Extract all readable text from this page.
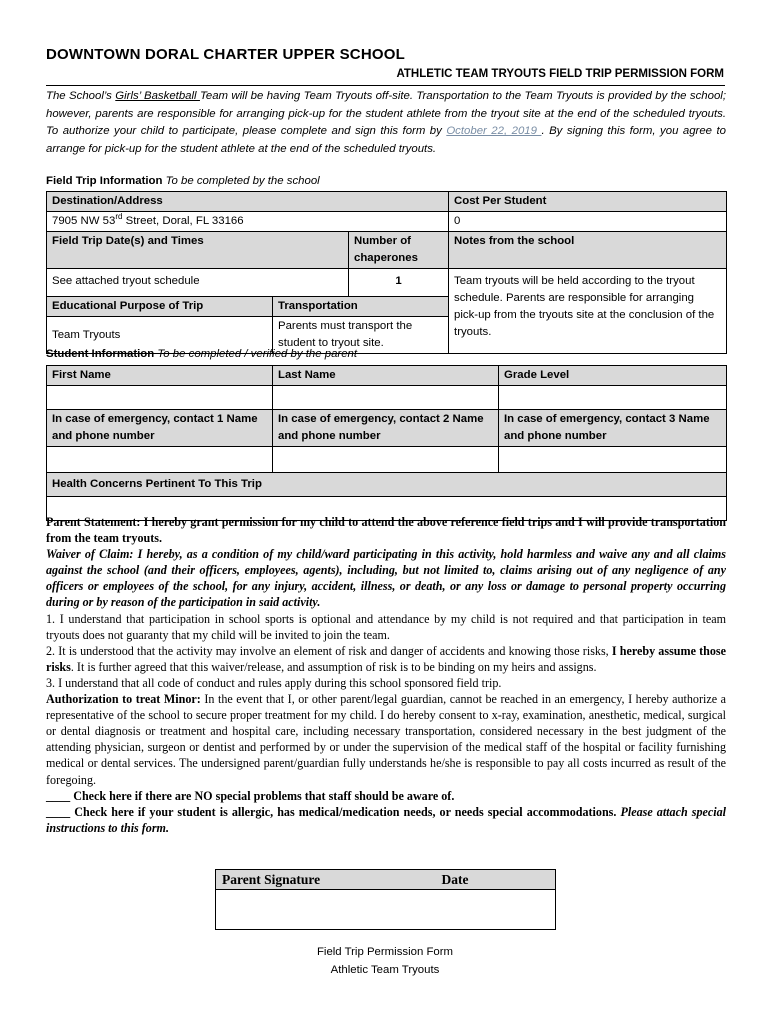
DOWNTOWN DORAL CHARTER UPPER SCHOOL
ATHLETIC TEAM TRYOUTS FIELD TRIP PERMISSION FORM
The School’s Girls’ Basketball Team will be having Team Tryouts off-site. Transportation to the Team Tryouts is provided by the school; however, parents are responsible for arranging pick-up for the student athlete from the tryout site at the end of the scheduled tryouts. To authorize your child to participate, please complete and sign this form by October 22, 2019 . By signing this form, you agree to arrange for pick-up for the student athlete at the end of the scheduled tryouts.
Field Trip Information To be completed by the school
Destination/Address			Cost Per Student
7905 NW 53rd Street, Doral, FL 33166			0
Field Trip Date(s) and Times		Number of chaperones	Notes from the school
See attached tryout schedule		1	Team tryouts will be held according to the tryout schedule. Parents are responsible for arranging pick-up from the tryouts site at the conclusion of the tryouts.
Educational Purpose of Trip	Transportation		
Team Tryouts	Parents must transport the student to tryout site.		
Student Information To be completed / verified by the parent
First Name	Last Name	Grade Level

In case of emergency, contact 1 Name and phone number	In case of emergency, contact 2 Name and phone number	In case of emergency, contact 3 Name and phone number

Health Concerns Pertinent To This Trip		

Parent Statement: I hereby grant permission for my child to attend the above reference field trips and I will provide transportation from the team tryouts.

Waiver of Claim: I hereby, as a condition of my child/ward participating in this activity, hold harmless and waive any and all claims against the school (and their officers, employees, agents), including, but not limited to, claims arising out of any negligence of any officers or employees of the school, for any injury, accident, illness, or death, or any loss or damage to personal property occurring during or by reason of the participation in said activity.

1. I understand that participation in school sports is optional and attendance by my child is not required and that participation in team tryouts does not guaranty that my child will be invited to join the team.

2. It is understood that the activity may involve an element of risk and danger of accidents and knowing those risks, I hereby assume those risks. It is further agreed that this waiver/release, and assumption of risk is to be binding on my heirs and assigns.

3. I understand that all code of conduct and rules apply during this school sponsored field trip.

Authorization to treat Minor: In the event that I, or other parent/legal guardian, cannot be reached in an emergency, I hereby authorize a representative of the school to secure proper treatment for my child. I do hereby consent to x-ray, examination, anesthetic, medical, surgical or dental diagnosis or treatment and hospital care, including necessary transportation, considered necessary in the best judgment of the attending physician, surgeon or dentist and performed by or under the supervision of the medical staff of the hospital or facility furnishing medical or dental services. The undersigned parent/guardian fully understands he/she is responsible to pay all costs incurred as result of the foregoing.

____ Check here if there are NO special problems that staff should be aware of.

____ Check here if your student is allergic, has medical/medication needs, or needs special accommodations. Please attach special instructions to this form.

Parent Signature	Date

Field Trip Permission Form
Athletic Team Tryouts
